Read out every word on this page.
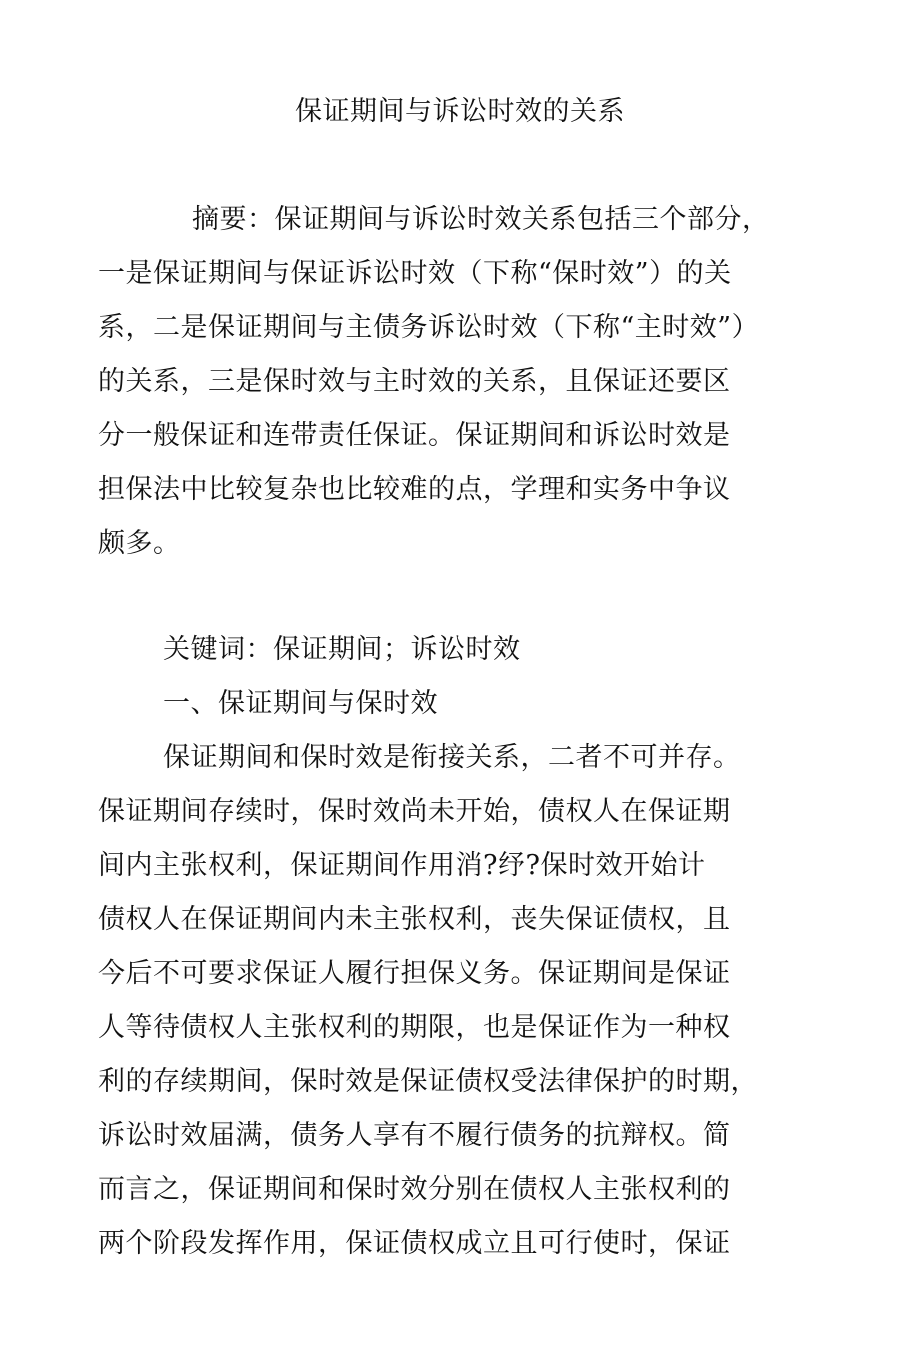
保证期间与诉讼时效的关系
摘要：保证期间与诉讼时效关系包括三个部分，
一是保证期间与保证诉讼时效（下称“保时效”）的关
系，二是保证期间与主债务诉讼时效（下称“主时效”）
的关系，三是保时效与主时效的关系，且保证还要区
分一般保证和连带责任保证。保证期间和诉讼时效是
担保法中比较复杂也比较难的点，学理和实务中争议
颇多。
关键词：保证期间；诉讼时效
一、保证期间与保时效
保证期间和保时效是衔接关系，二者不可并存。
保证期间存续时，保时效尚未开始，债权人在保证期
间内主张权利，保证期间作用消?纾?保时效开始计
债权人在保证期间内未主张权利，丧失保证债权，且
今后不可要求保证人履行担保义务。保证期间是保证
人等待债权人主张权利的期限，也是保证作为一种权
利的存续期间，保时效是保证债权受法律保护的时期，
诉讼时效届满，债务人享有不履行债务的抗辩权。简
而言之，保证期间和保时效分别在债权人主张权利的
两个阶段发挥作用，保证债权成立且可行使时，保证
